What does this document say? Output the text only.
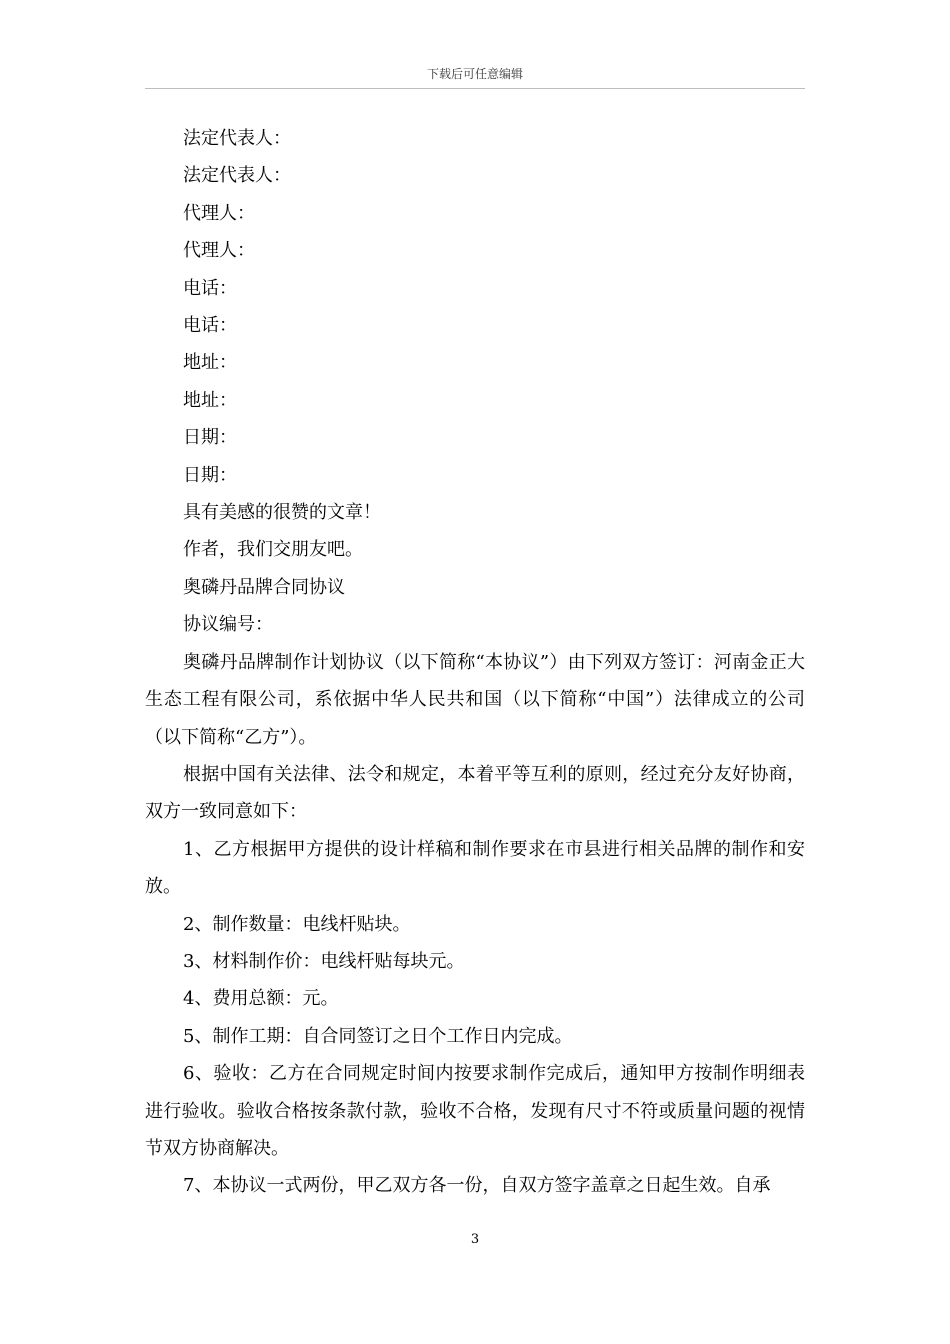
下载后可任意编辑

法定代表人：

法定代表人：

代理人：

代理人：

电话：

电话：

地址：

地址：

日期：

日期：

具有美感的很赞的文章！

作者，我们交朋友吧。

奥磷丹品牌合同协议

协议编号：

奥磷丹品牌制作计划协议（以下简称“本协议”）由下列双方签订：河南金正大生态工程有限公司，系依据中华人民共和国（以下简称“中国”）法律成立的公司（以下简称“乙方”）。

根据中国有关法律、法令和规定，本着平等互利的原则，经过充分友好协商，双方一致同意如下：

1、乙方根据甲方提供的设计样稿和制作要求在市县进行相关品牌的制作和安放。

2、制作数量：电线杆贴块。

3、材料制作价：电线杆贴每块元。

4、费用总额：元。

5、制作工期：自合同签订之日个工作日内完成。

6、验收：乙方在合同规定时间内按要求制作完成后，通知甲方按制作明细表进行验收。验收合格按条款付款，验收不合格，发现有尺寸不符或质量问题的视情节双方协商解决。

7、本协议一式两份，甲乙双方各一份，自双方签字盖章之日起生效。自承

3
